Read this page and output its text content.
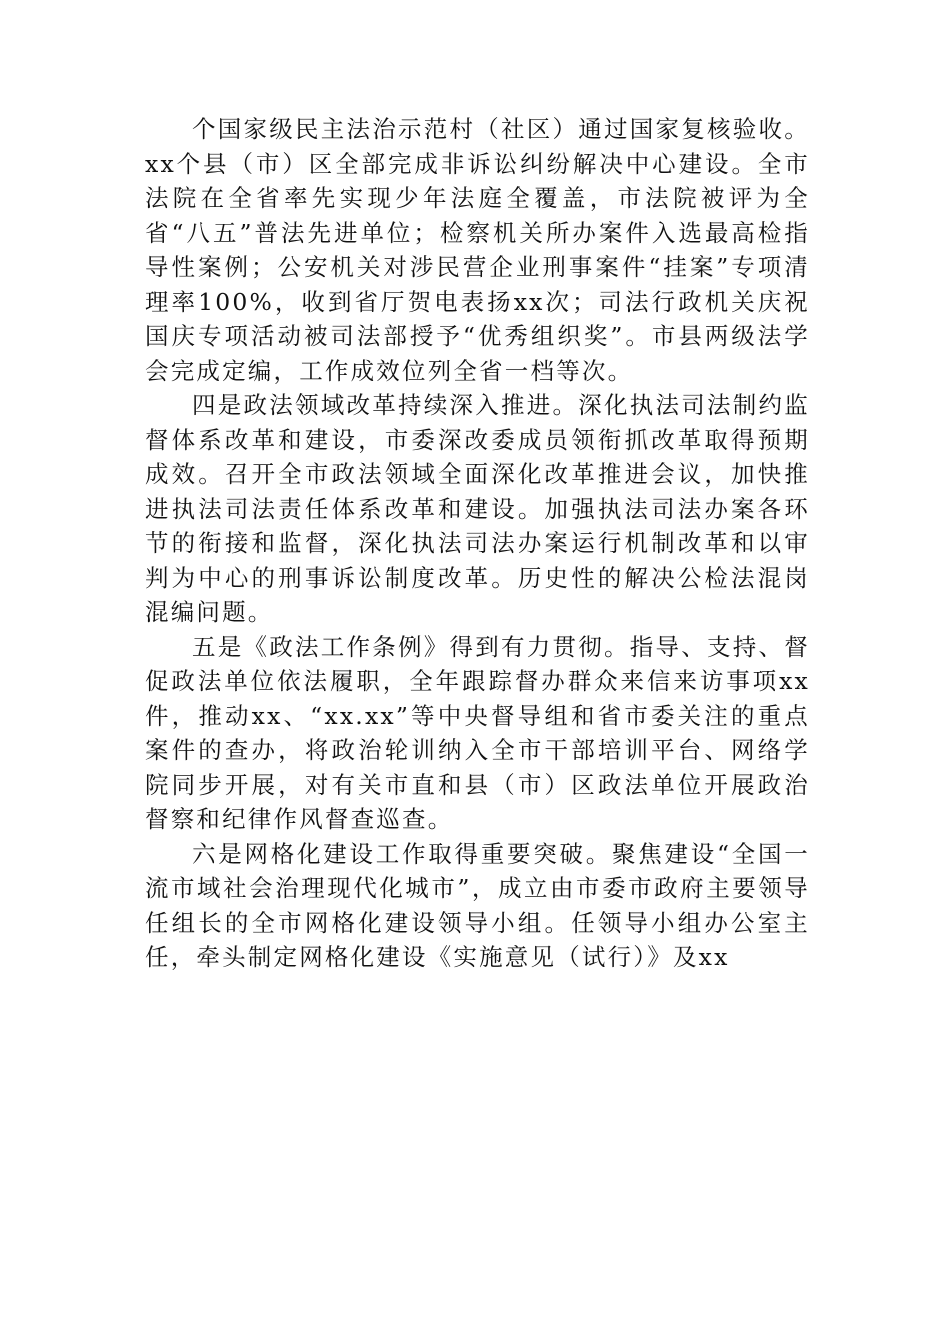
个国家级民主法治示范村（社区）通过国家复核验收。xx个县（市）区全部完成非诉讼纠纷解决中心建设。全市法院在全省率先实现少年法庭全覆盖，市法院被评为全省“八五”普法先进单位；检察机关所办案件入选最高检指导性案例；公安机关对涉民营企业刑事案件“挂案”专项清理率100%，收到省厅贺电表扬xx次；司法行政机关庆祝国庆专项活动被司法部授予“优秀组织奖”。市县两级法学会完成定编，工作成效位列全省一档等次。

四是政法领域改革持续深入推进。深化执法司法制约监督体系改革和建设，市委深改委成员领衔抓改革取得预期成效。召开全市政法领域全面深化改革推进会议，加快推进执法司法责任体系改革和建设。加强执法司法办案各环节的衔接和监督，深化执法司法办案运行机制改革和以审判为中心的刑事诉讼制度改革。历史性的解决公检法混岗混编问题。

五是《政法工作条例》得到有力贯彻。指导、支持、督促政法单位依法履职，全年跟踪督办群众来信来访事项xx件，推动xx、“xx.xx”等中央督导组和省市委关注的重点案件的查办，将政治轮训纳入全市干部培训平台、网络学院同步开展，对有关市直和县（市）区政法单位开展政治督察和纪律作风督查巡查。

六是网格化建设工作取得重要突破。聚焦建设“全国一流市域社会治理现代化城市”，成立由市委市政府主要领导任组长的全市网格化建设领导小组。任领导小组办公室主任，牵头制定网格化建设《实施意见（试行）》及xx
